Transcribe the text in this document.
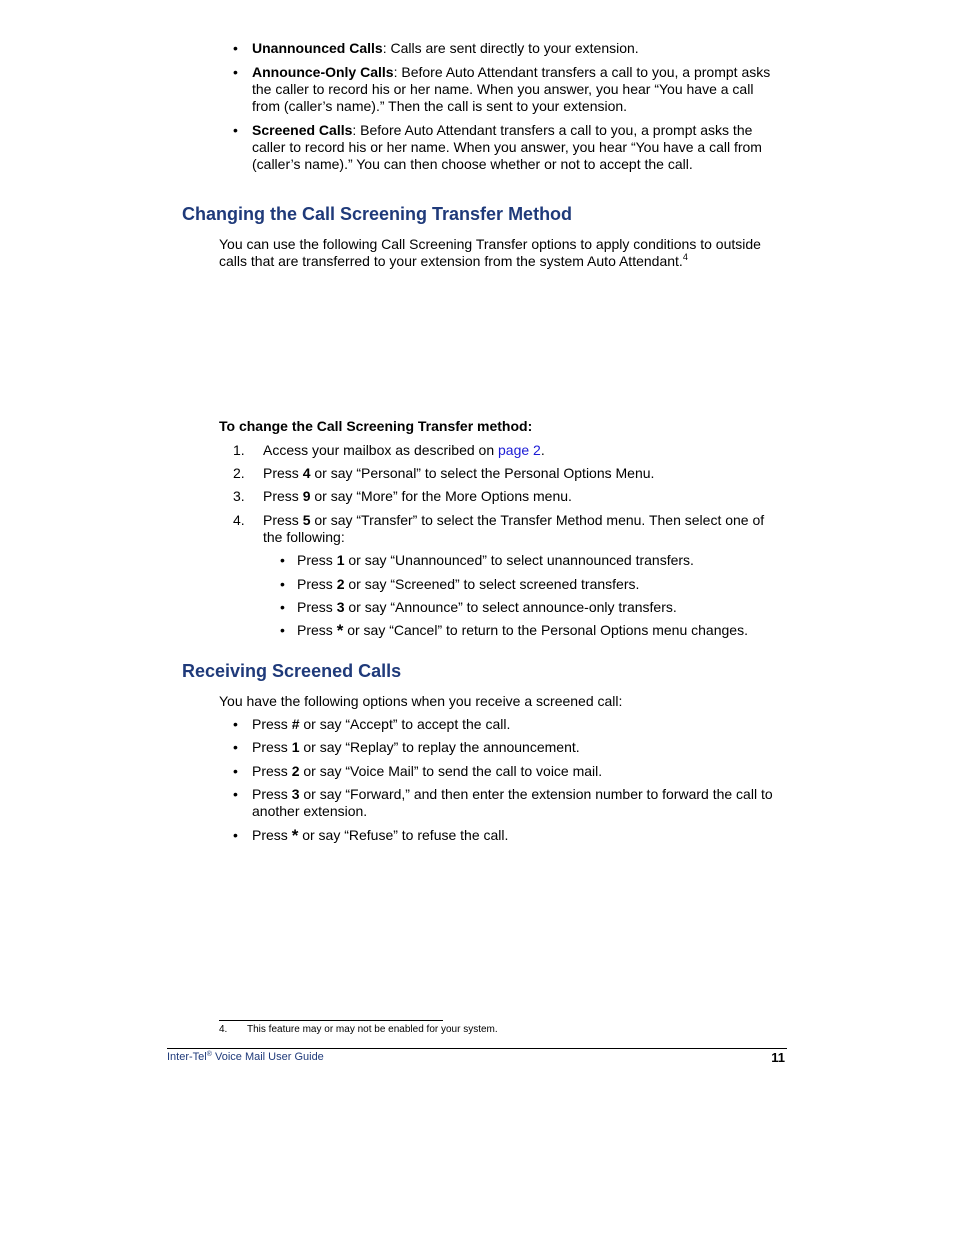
Changing the Call Screening Transfer Method

You can use the following Call Screening Transfer options to apply conditions to outside calls that are transferred to your extension from the system Auto Attendant.$^4$

• Unannounced Calls: Calls are sent directly to your extension.
• Announce-Only Calls: Before Auto Attendant transfers a call to you, a prompt asks the caller to record his or her name. When you answer, you hear “You have a call from (caller’s name).” Then the call is sent to your extension.
• Screened Calls: Before Auto Attendant transfers a call to you, a prompt asks the caller to record his or her name. When you answer, you hear “You have a call from (caller’s name).” You can then choose whether or not to accept the call.

To change the Call Screening Transfer method:

1. Access your mailbox as described on page 2.
2. Press 4 or say “Personal” to select the Personal Options Menu.
3. Press 9 or say “More” for the More Options menu.
4. Press 5 or say “Transfer” to select the Transfer Method menu. Then select one of the following:
• Press 1 or say “Unannounced” to select unannounced transfers.
• Press 2 or say “Screened” to select screened transfers.
• Press 3 or say “Announce” to select announce-only transfers.
• Press * or say “Cancel” to return to the Personal Options menu changes.
Receiving Screened Calls

You have the following options when you receive a screened call:

• Press # or say “Accept” to accept the call.
• Press 1 or say “Replay” to replay the announcement.
• Press 2 or say “Voice Mail” to send the call to voice mail.
• Press 3 or say “Forward,” and then enter the extension number to forward the call to another extension.
• Press * or say “Refuse” to refuse the call.

4. This feature may or may not be enabled for your system.

Inter-Tel® Voice Mail User Guide	11
